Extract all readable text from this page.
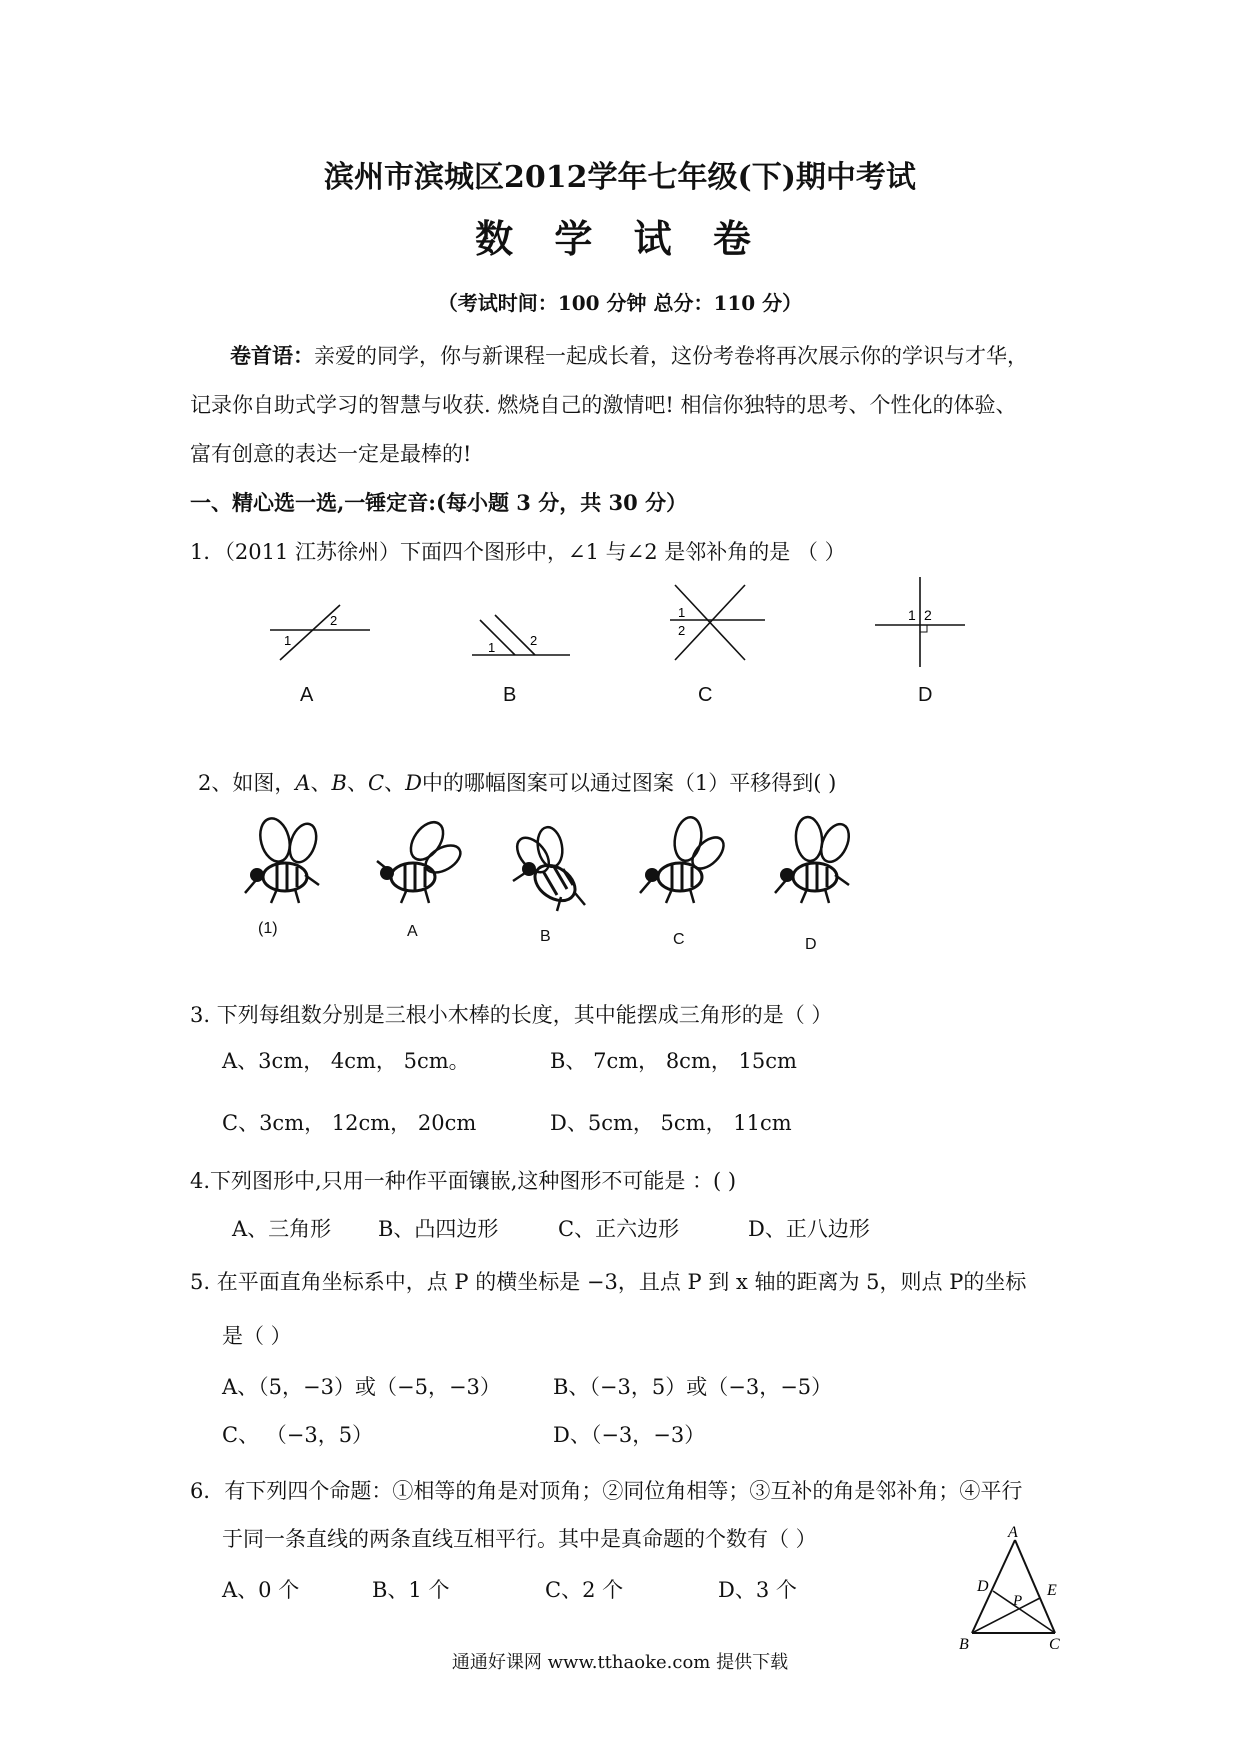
滨州市滨城区2012学年七年级(下)期中考试
数 学 试 卷
（考试时间：100 分钟 总分：110 分）
卷首语：亲爱的同学，你与新课程一起成长着，这份考卷将再次展示你的学识与才华，
记录你自助式学习的智慧与收获. 燃烧自己的激情吧! 相信你独特的思考、个性化的体验、
富有创意的表达一定是最棒的!
一、精心选一选,一锤定音:(每小题 3 分，共 30 分）
1．（2011 江苏徐州）下面四个图形中，∠1 与∠2 是邻补角的是 （ ）
1
2
1	2
1
2
1 2
A	B	C	D
2、如图，A、B、C、D中的哪幅图案可以通过图案（1）平移得到( )
(1)	A	B	C	D
3. 下列每组数分别是三根小木棒的长度，其中能摆成三角形的是（ ）
A、3cm， 4cm， 5cm。	B、 7cm， 8cm， 15cm
C、3cm， 12cm， 20cm	D、5cm， 5cm， 11cm
4.下列图形中,只用一种作平面镶嵌,这种图形不可能是 ：( )
A、三角形 B、凸四边形	C、正六边形	D、正八边形
5. 在平面直角坐标系中，点 P 的横坐标是 −3，且点 P 到 x 轴的距离为 5，则点 P的坐标
是（ ）
A、（5，−3）或（−5，−3） B、（−3，5）或（−3，−5）
C、 （−3，5）	D、（−3，−3）
6．有下列四个命题：①相等的角是对顶角；②同位角相等；③互补的角是邻补角；④平行
于同一条直线的两条直线互相平行。其中是真命题的个数有（ ）
A、0 个	B、1 个	C、2 个	D、3 个
A
D	E
P
B	C
通通好课网 www.tthaoke.com 提供下载
